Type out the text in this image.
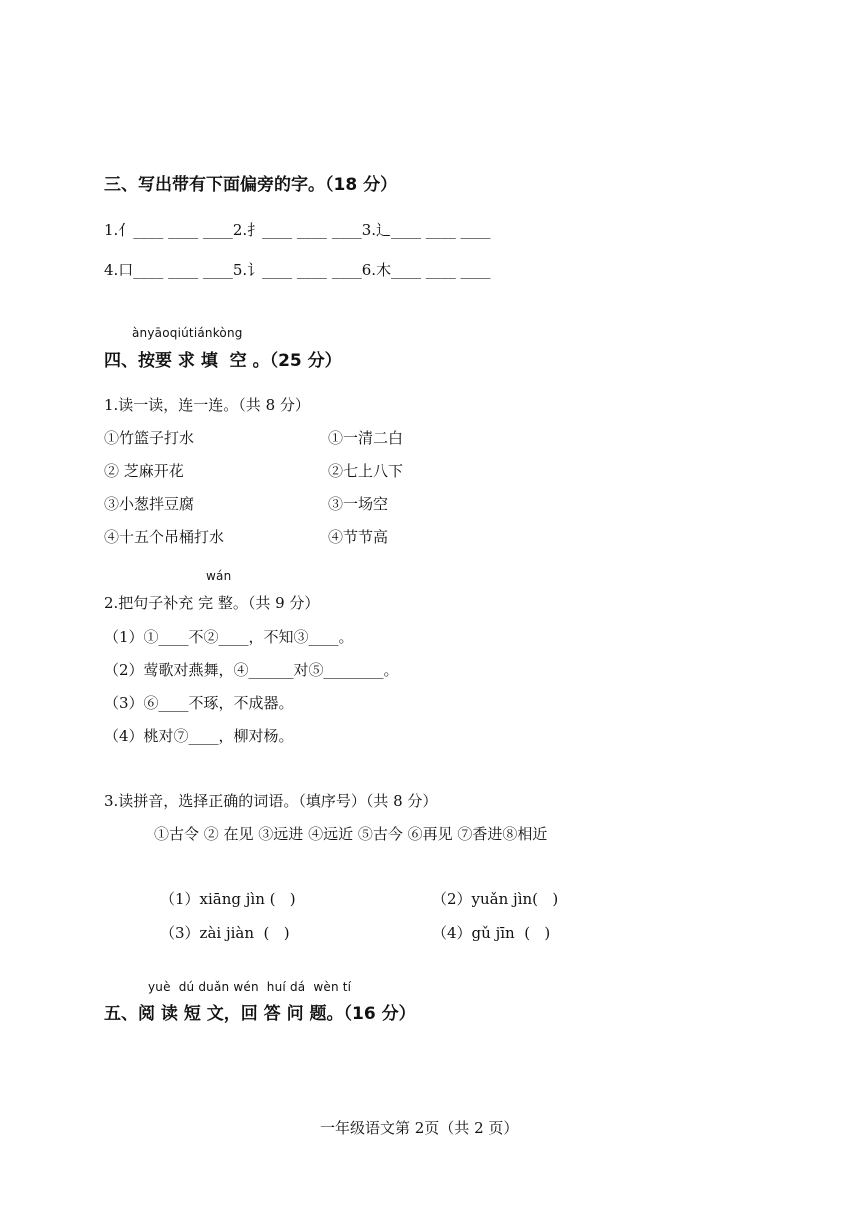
三、写出带有下面偏旁的字。（18 分）
1.亻____ ____ ____2.扌____ ____ ____3.辶____ ____ ____
4.口____ ____ ____5.讠____ ____ ____6.木____ ____ ____
ànyāoqiútiánkòng
四、按要 求 填  空 。（25 分）
1.读一读，连一连。（共 8 分）
①竹篮子打水
② 芝麻开花
③小葱拌豆腐
④十五个吊桶打水
①一清二白
②七上八下
③一场空
④节节高
wán
2.把句子补充 完 整。（共 9 分）
（1）①____不②____，不知③____。
（2）莺歌对燕舞，④______对⑤________。
（3）⑥____不琢，不成器。
（4）桃对⑦____，柳对杨。
3.读拼音，选择正确的词语。（填序号）（共 8 分）
①古令 ② 在见 ③远进 ④远近 ⑤古今 ⑥再见 ⑦香进⑧相近
（1）xiāng jìn (   )	（2）yuǎn jìn(   )
（3）zài jiàn  (   )	（4）gǔ jīn  (   )
yuè  dú duǎn wén  huí dá  wèn tí
五、阅 读 短 文，回 答 问 题。（16 分）
一年级语文第 2页（共 2 页）
